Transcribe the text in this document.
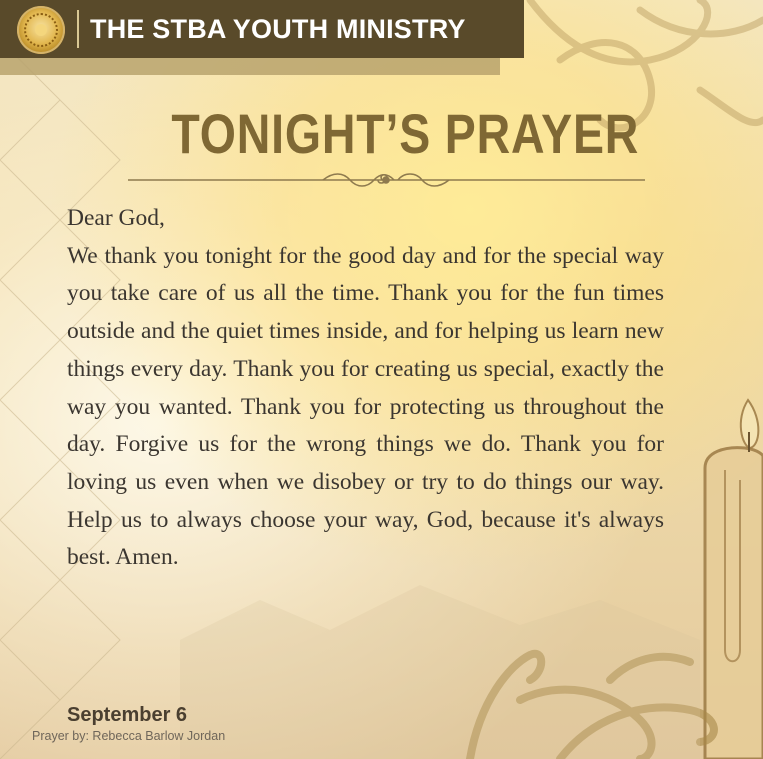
THE STBA YOUTH MINISTRY
TONIGHT’S PRAYER
Dear God,
We thank you tonight for the good day and for the special way you take care of us all the time. Thank you for the fun times outside and the quiet times inside, and for helping us learn new things every day. Thank you for creating us special, exactly the way you wanted. Thank you for protecting us throughout the day. Forgive us for the wrong things we do. Thank you for loving us even when we disobey or try to do things our way. Help us to always choose your way, God, because it's always best. Amen.
September 6
Prayer by: Rebecca Barlow Jordan
